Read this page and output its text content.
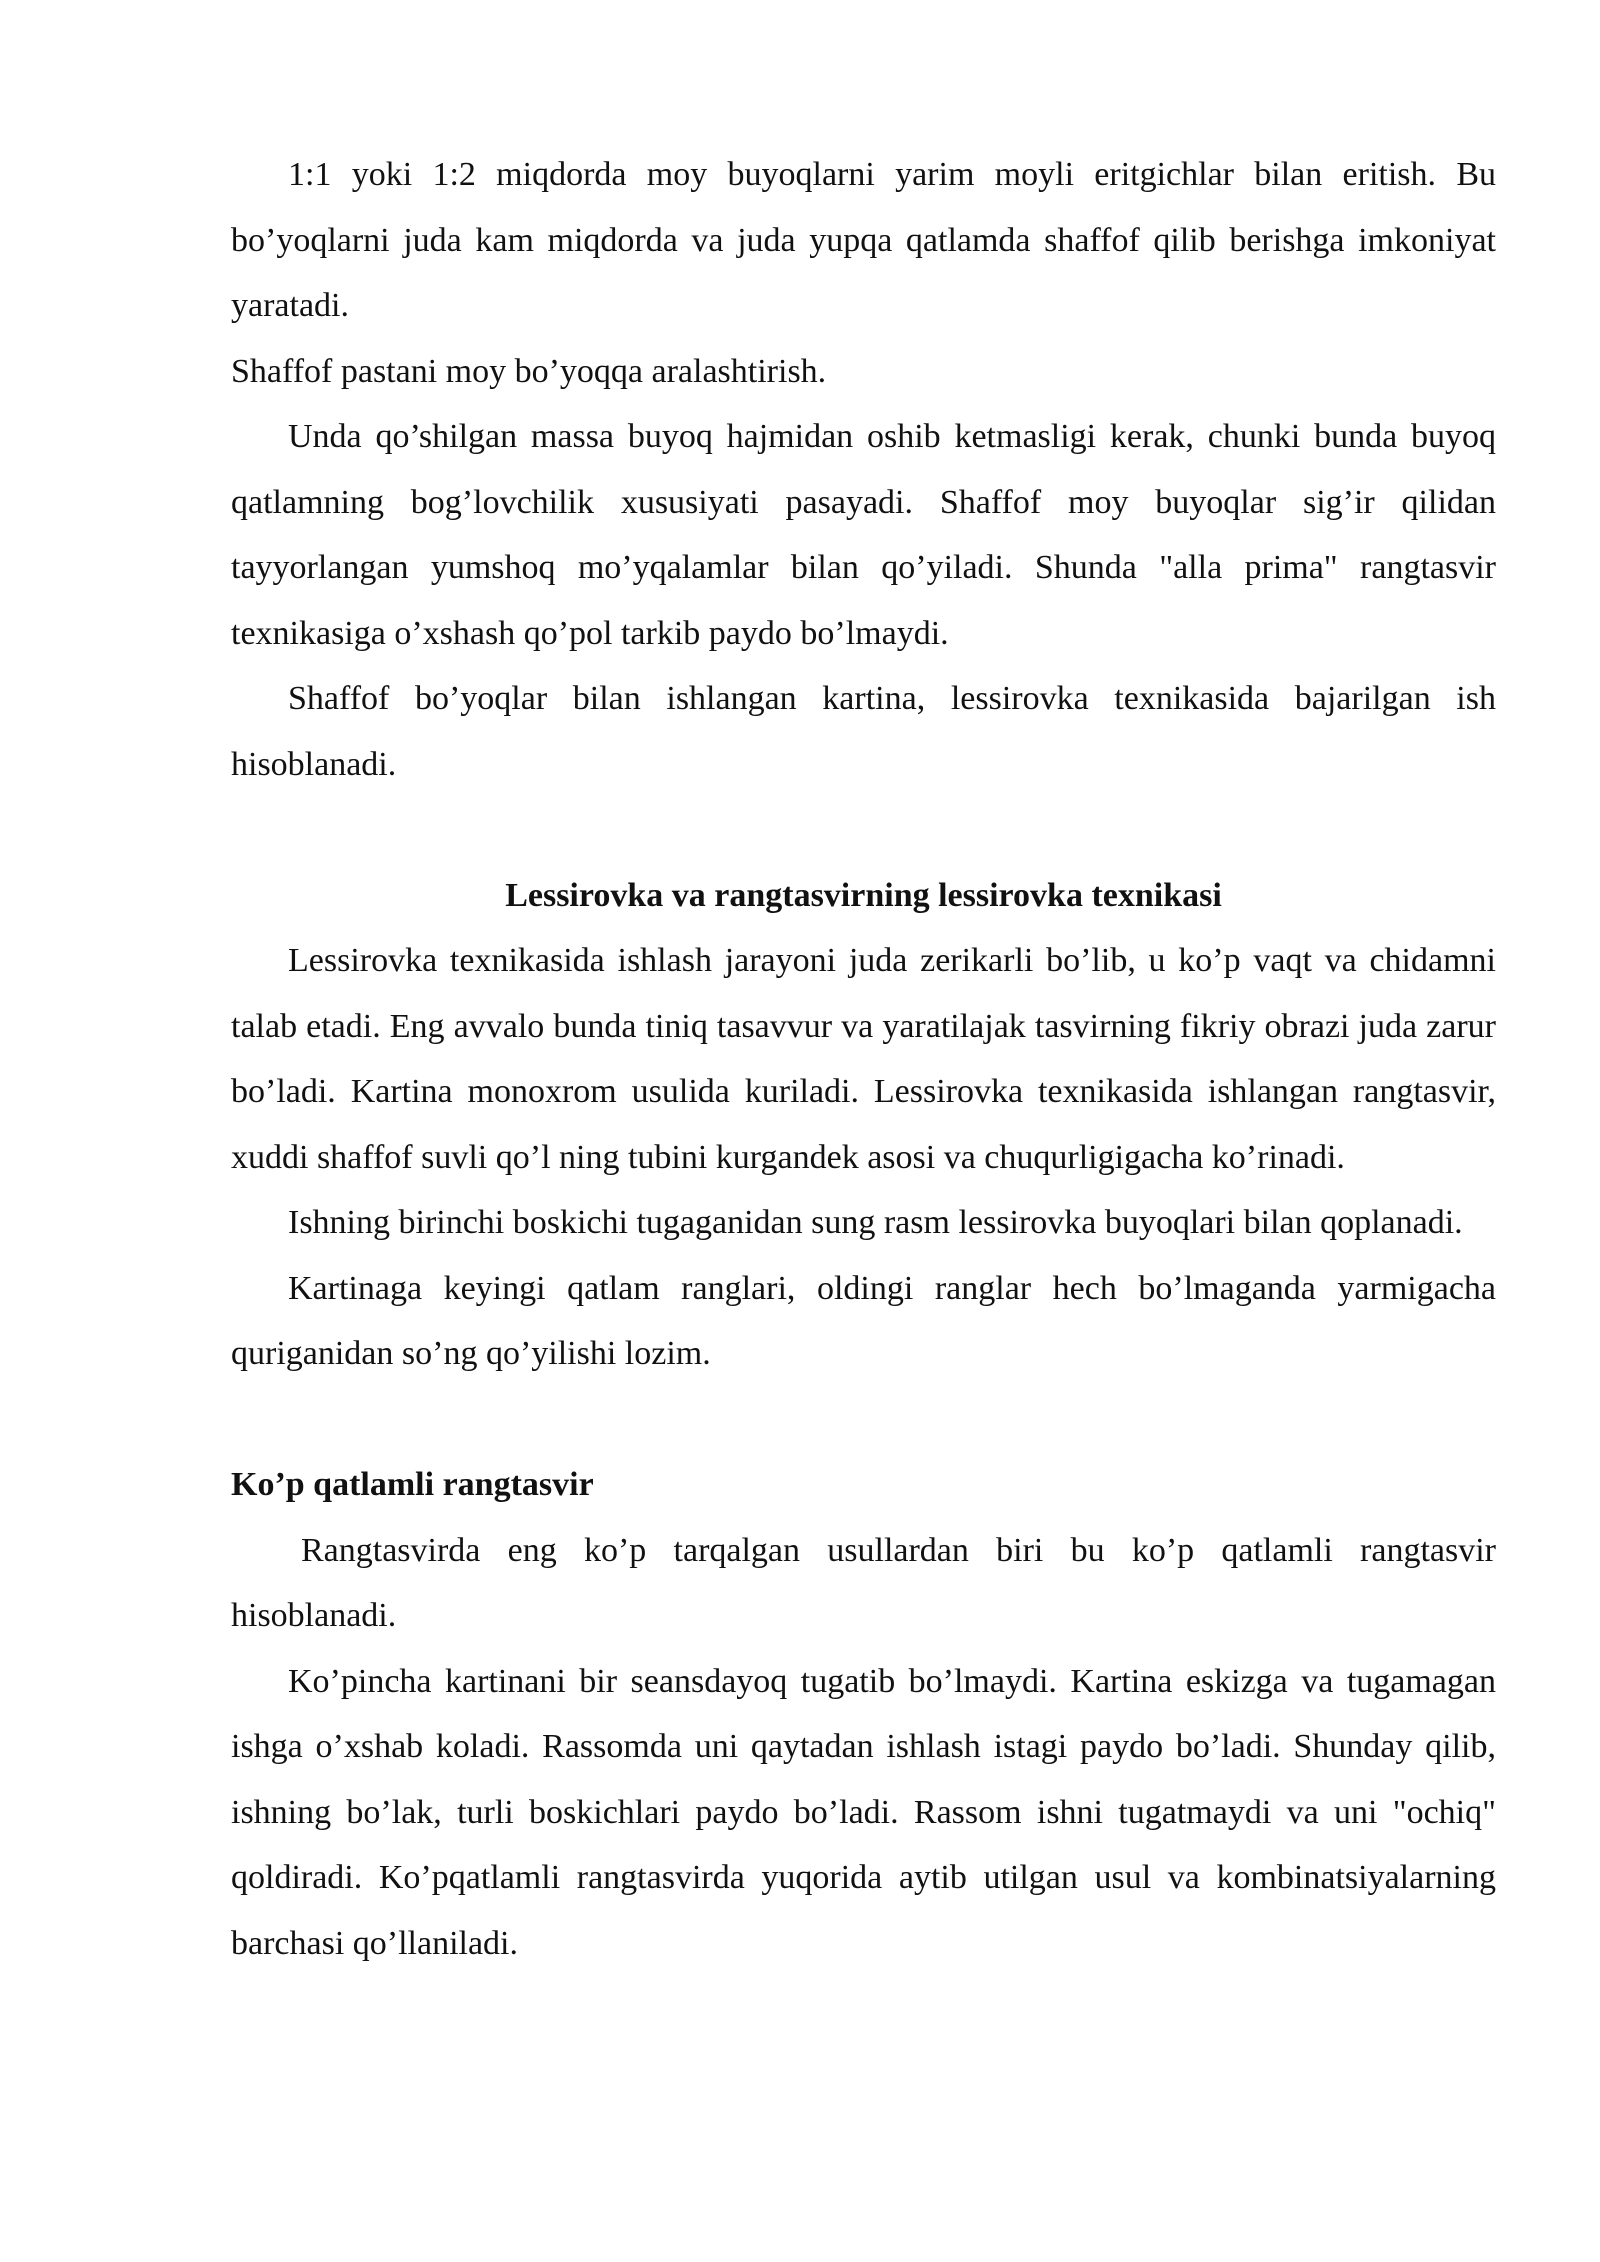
1:1 yoki 1:2 miqdorda moy buyoqlarni yarim moyli eritgichlar bilan eritish. Bu bo’yoqlarni juda kam miqdorda va juda yupqa qatlamda shaffof qilib berishga imkoniyat yaratadi.

Shaffof pastani moy bo’yoqqa aralashtirish.

Unda qo’shilgan massa buyoq hajmidan oshib ketmasligi kerak, chunki bunda buyoq qatlamning bog’lovchilik xususiyati pasayadi. Shaffof moy buyoqlar sig’ir qilidan tayyorlangan yumshoq mo’yqalamlar bilan qo’yiladi. Shunda "alla prima" rangtasvir texnikasiga o’xshash qo’pol tarkib paydo bo’lmaydi.

Shaffof bo’yoqlar bilan ishlangan kartina, lessirovka texnikasida bajarilgan ish hisoblanadi.

Lessirovka va rangtasvirning lessirovka texnikasi

Lessirovka texnikasida ishlash jarayoni juda zerikarli bo’lib, u ko’p vaqt va chidamni talab etadi. Eng avvalo bunda tiniq tasavvur va yaratilajak tasvirning fikriy obrazi juda zarur bo’ladi. Kartina monoxrom usulida kuriladi. Lessirovka texnikasida ishlangan rangtasvir, xuddi shaffof suvli qo’l ning tubini kurgandek asosi va chuqurligigacha ko’rinadi.

Ishning birinchi boskichi tugaganidan sung rasm lessirovka buyoqlari bilan qoplanadi.

Kartinaga keyingi qatlam ranglari, oldingi ranglar hech bo’lmaganda yarmigacha quriganidan so’ng qo’yilishi lozim.

Ko’p qatlamli rangtasvir

Rangtasvirda eng ko’p tarqalgan usullardan biri bu ko’p qatlamli rangtasvir hisoblanadi.

Ko’pincha kartinani bir seansdayoq tugatib bo’lmaydi. Kartina eskizga va tugamagan ishga o’xshab koladi. Rassomda uni qaytadan ishlash istagi paydo bo’ladi. Shunday qilib, ishning bo’lak, turli boskichlari paydo bo’ladi. Rassom ishni tugatmaydi va uni "ochiq" qoldiradi. Ko’pqatlamli rangtasvirda yuqorida aytib utilgan usul va kombinatsiyalarning barchasi qo’llaniladi.
